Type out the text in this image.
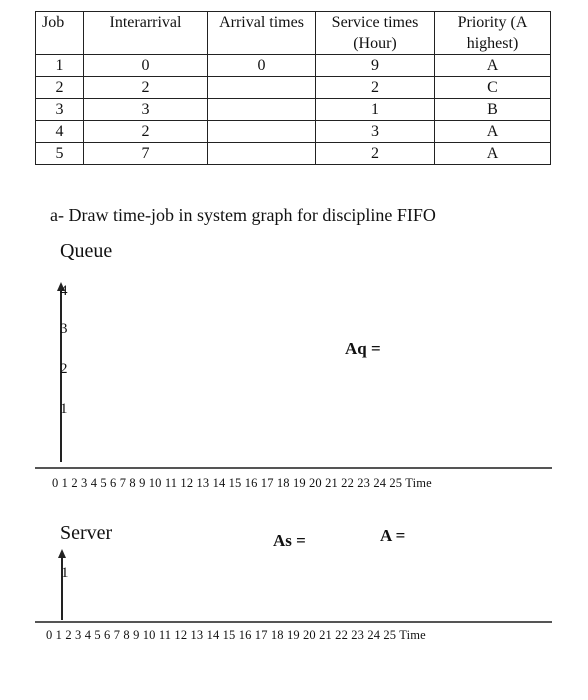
Job	Interarrival	Arrival times	Service times (Hour)	Priority (A highest)
1	0	0	9	A
2	2		2	C
3	3		1	B
4	2		3	A
5	7		2	A
a- Draw time-job in system graph for discipline FIFO
Queue
4
3
2
1
Aq =
0 1 2 3 4 5 6 7 8 9 10 11 12 13 14 15 16 17 18 19 20 21 22 23 24 25 Time
Server	As =	A =
1
0 1 2 3 4 5 6 7 8 9 10 11 12 13 14 15 16 17 18 19 20 21 22 23 24 25 Time
